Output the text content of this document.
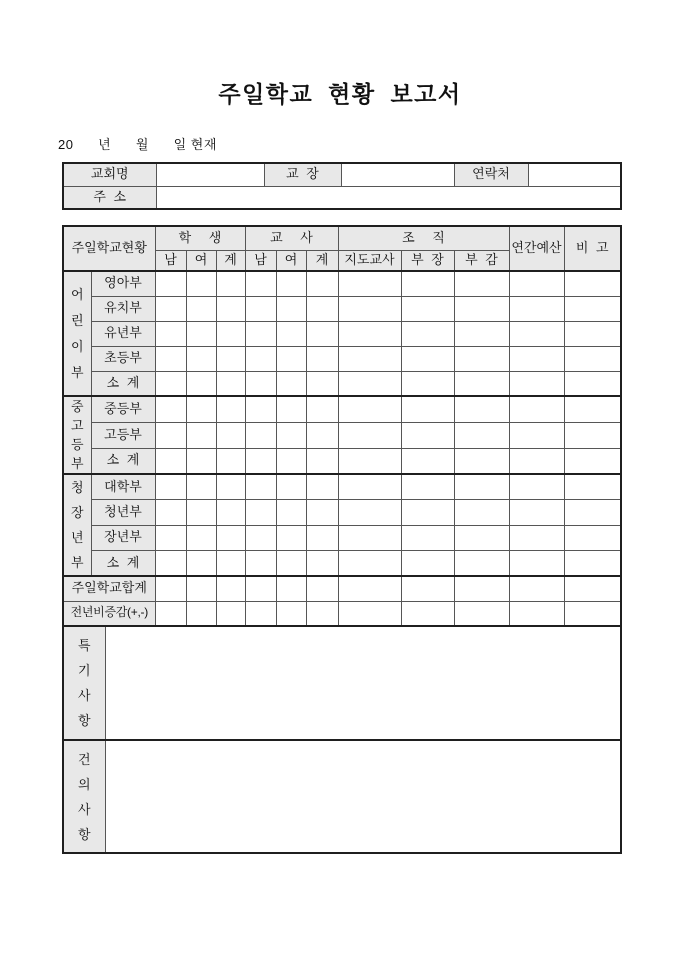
주일학교 현황 보고서
20      년      월      일 현재
교회명		교 장		연락처	
주 소					
주일학교현황		학 생			교 사			조 직			연간예산	비 고
		남	여	계	남	여	계	지도교사	부 장	부 감		
어린이부	영아부											
	유치부											
	유년부											
	초등부											
	소 계											
중고등부	중등부											
	고등부											
	소 계											
청장년부	대학부											
	청년부											
	장년부											
	소 계											
주일학교합계												
전년비증감(+,-)												
특기사항	
건의사항	
